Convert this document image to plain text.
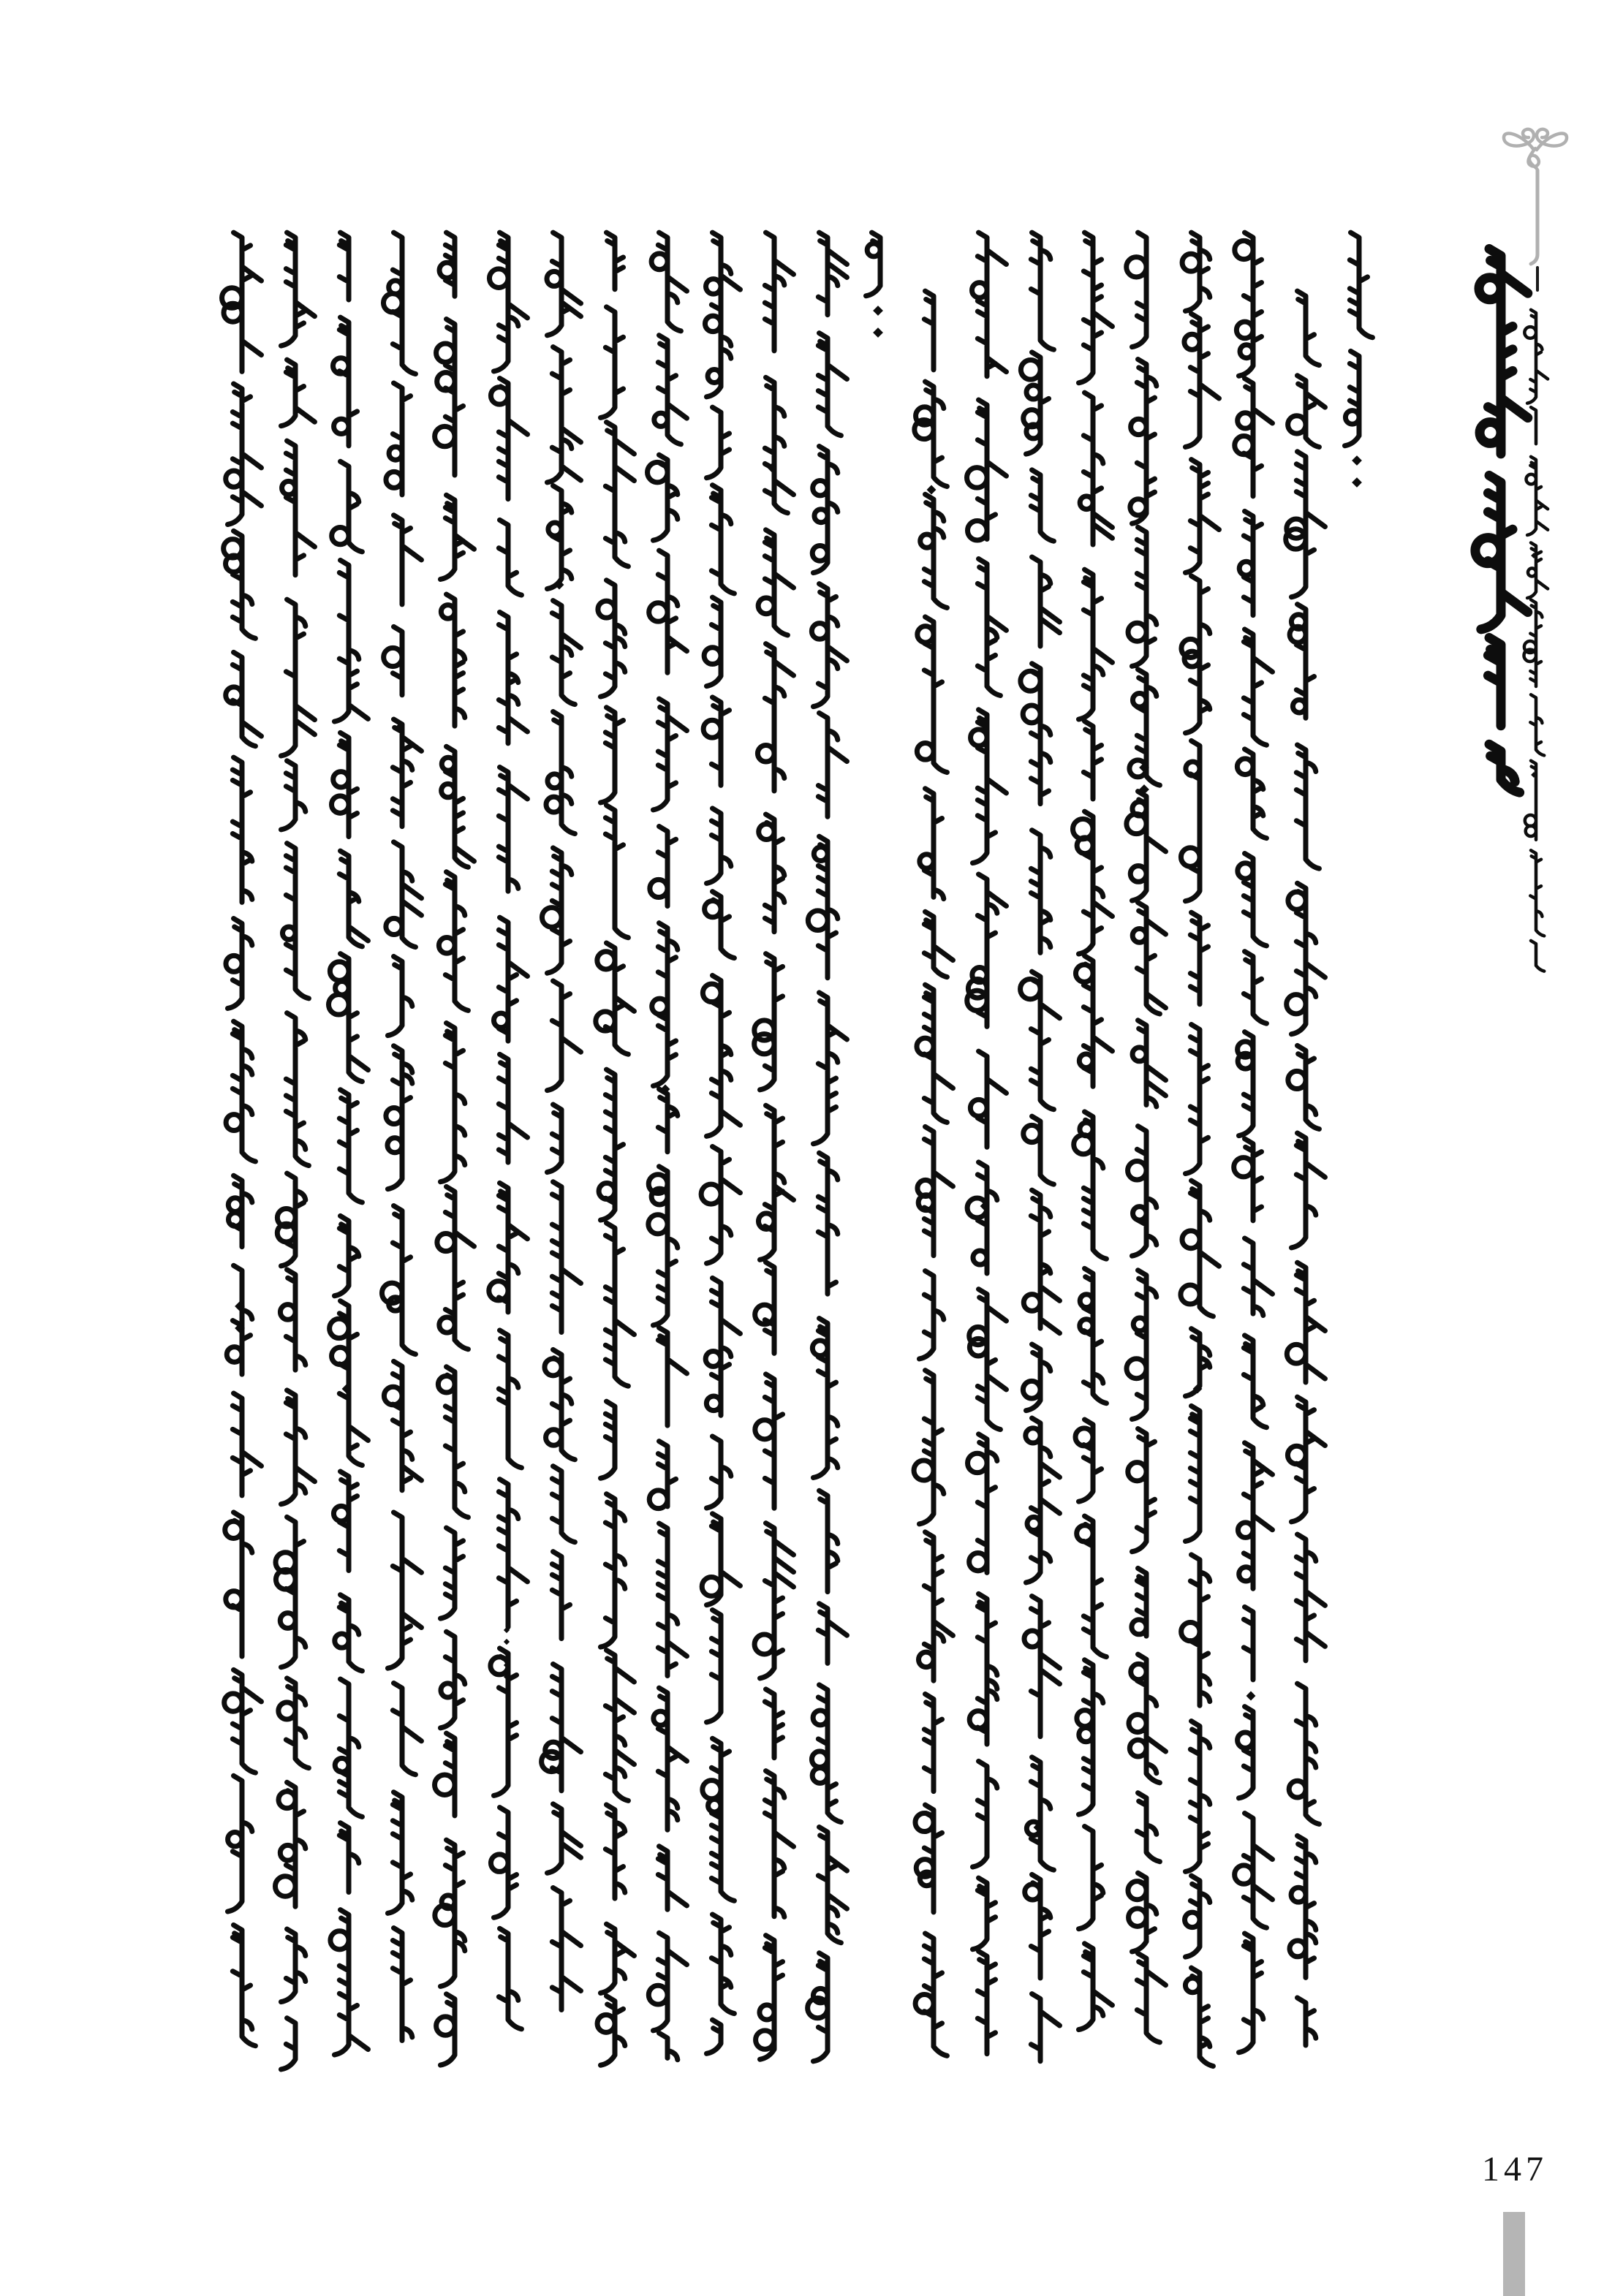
147
